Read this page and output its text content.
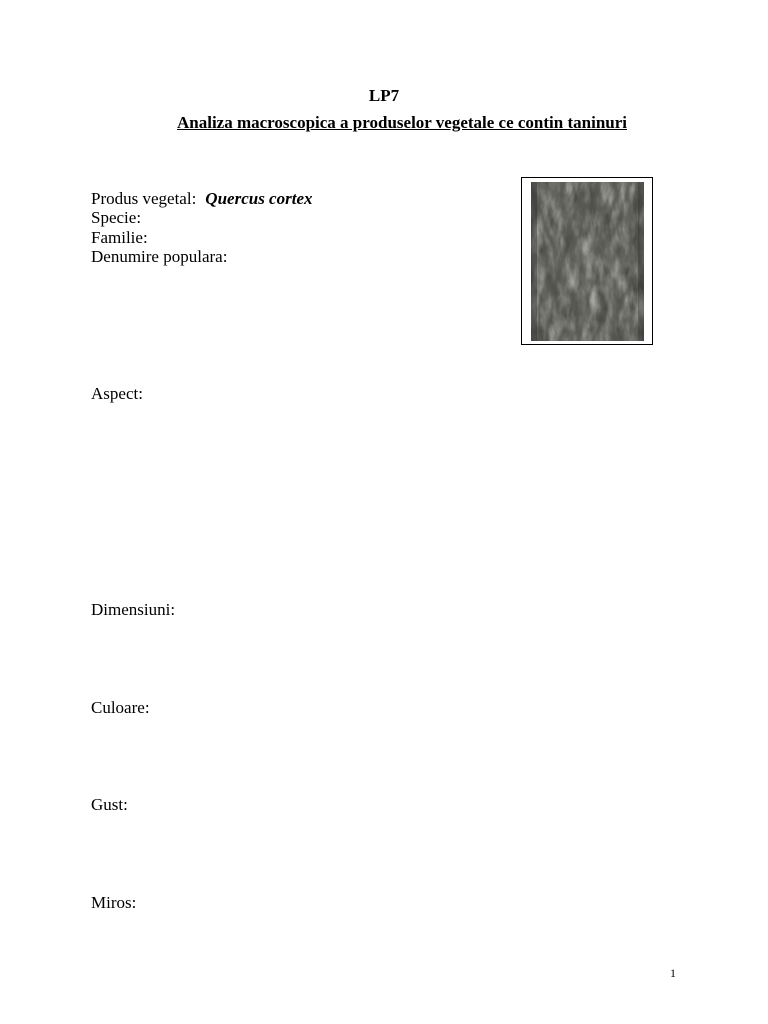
LP7
Analiza macroscopica a produselor vegetale ce contin taninuri
Produs vegetal: Quercus cortex
Specie:
Familie:
Denumire populara:
Aspect:
Dimensiuni:
Culoare:
Gust:
Miros:
1
